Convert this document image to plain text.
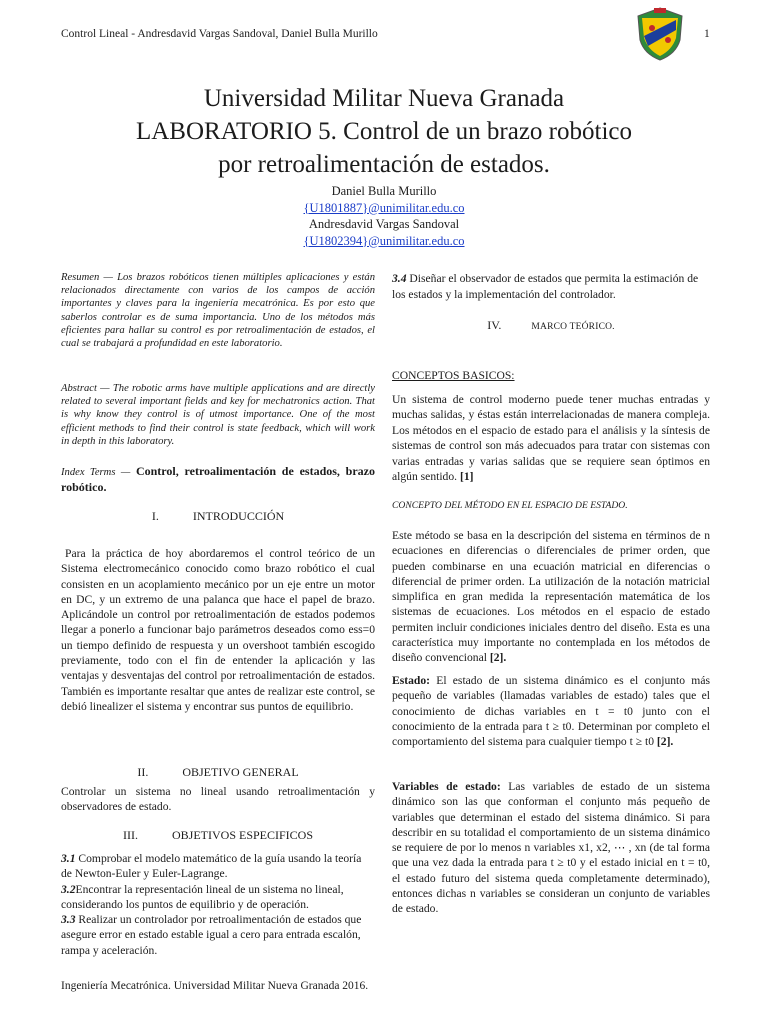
Control Lineal - Andresdavid Vargas Sandoval, Daniel Bulla Murillo	1
Universidad Militar Nueva Granada
LABORATORIO 5. Control de un brazo robótico
por retroalimentación de estados.
Daniel Bulla Murillo
{U1801887}@unimilitar.edu.co
Andresdavid Vargas Sandoval
{U1802394}@unimilitar.edu.co
Resumen — Los brazos robóticos tienen múltiples aplicaciones y están relacionados directamente con varios de los campos de acción importantes y claves para la ingeniería mecatrónica. Es por esto que saberlos controlar es de suma importancia. Uno de los métodos más eficientes para hallar su control es por retroalimentación de estados, el cual se trabajará a profundidad en este laboratorio.
Abstract — The robotic arms have multiple applications and are directly related to several important fields and key for mechatronics action. That is why know they control is of utmost importance. One of the most efficient methods to find their control is state feedback, which will work in depth in this laboratory.
Index Terms — Control, retroalimentación de estados, brazo robótico.
I.	INTRODUCCIÓN
Para la práctica de hoy abordaremos el control teórico de un Sistema electromecánico conocido como brazo robótico el cual consisten en un acoplamiento mecánico por un eje entre un motor en DC, y un extremo de una palanca que hace el papel de brazo. Aplicándole un control por retroalimentación de estados podemos llegar a ponerlo a funcionar bajo parámetros deseados como ess=0 un tiempo definido de respuesta y un overshoot también escogido previamente, todo con el fin de entender la aplicación y las ventajas y desventajas del control por retroalimentación de estados. También es importante resaltar que antes de realizar este control, se debió linealizer el sistema y encontrar sus puntos de equilibrio.
II.	OBJETIVO GENERAL
Controlar un sistema no lineal usando retroalimentación y observadores de estado.
III.	OBJETIVOS ESPECIFICOS

3.1 Comprobar el modelo matemático de la guía usando la teoría de Newton-Euler y Euler-Lagrange.

3.2Encontrar la representación lineal de un sistema no lineal, considerando los puntos de equilibrio y de operación.

3.3 Realizar un controlador por retroalimentación de estados que asegure error en estado estable igual a cero para entrada escalón, rampa y aceleración.

3.4 Diseñar el observador de estados que permita la estimación de los estados y la implementación del controlador.
IV.	MARCO TEÓRICO.
CONCEPTOS BASICOS:
Un sistema de control moderno puede tener muchas entradas y muchas salidas, y éstas están interrelacionadas de manera compleja. Los métodos en el espacio de estado para el análisis y la síntesis de sistemas de control son más adecuados para tratar con sistemas con varias entradas y varias salidas que se requiere sean óptimos en algún sentido. [1]
CONCEPTO DEL MÉTODO EN EL ESPACIO DE ESTADO.
Este método se basa en la descripción del sistema en términos de n ecuaciones en diferencias o diferenciales de primer orden, que pueden combinarse en una ecuación matricial en diferencias o diferencial de primer orden. La utilización de la notación matricial simplifica en gran medida la representación matemática de los sistemas de ecuaciones. Los métodos en el espacio de estado permiten incluir condiciones iniciales dentro del diseño. Esta es una característica muy importante no contemplada en los métodos de diseño convencional [2].
Estado: El estado de un sistema dinámico es el conjunto más pequeño de variables (llamadas variables de estado) tales que el conocimiento de dichas variables en t = t0 junto con el conocimiento de la entrada para t ≥ t0. Determinan por completo el comportamiento del sistema para cualquier tiempo t ≥ t0 [2].
Variables de estado: Las variables de estado de un sistema dinámico son las que conforman el conjunto más pequeño de variables que determinan el estado del sistema dinámico. Si para describir en su totalidad el comportamiento de un sistema dinámico se requiere de por lo menos n variables x1, x2, ⋯ , xn (de tal forma que una vez dada la entrada para t ≥ t0 y el estado inicial en t = t0, el estado futuro del sistema queda completamente determinado), entonces dichas n variables se consideran un conjunto de variables de estado.
Ingeniería Mecatrónica. Universidad Militar Nueva Granada 2016.
